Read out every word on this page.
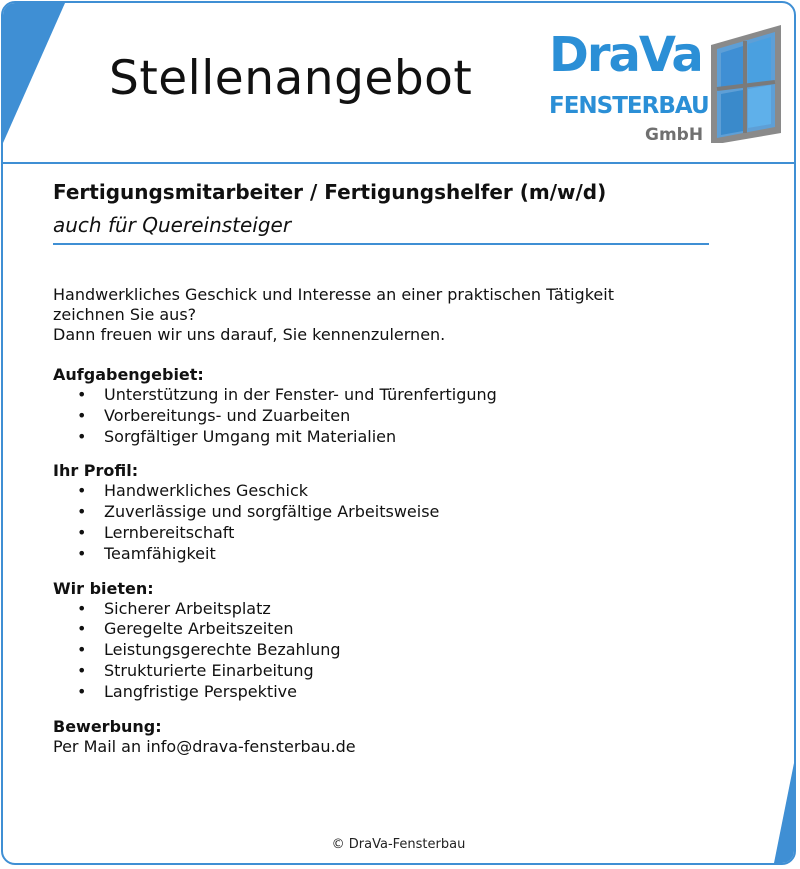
Stellenangebot DraVa
FENSTERBAU
GmbH
Fertigungsmitarbeiter / Fertigungshelfer (m/w/d)

auch für Quereinsteiger

Handwerkliches Geschick und Interesse an einer praktischen Tätigkeit

zeichnen Sie aus?

Dann freuen wir uns darauf, Sie kennenzulernen.

Aufgabengebiet:

• Unterstützung in der Fenster- und Türenfertigung
• Vorbereitungs- und Zuarbeiten
• Sorgfältiger Umgang mit Materialien

Ihr Profil:

• Handwerkliches Geschick
• Zuverlässige und sorgfältige Arbeitsweise
• Lernbereitschaft
• Teamfähigkeit

Wir bieten:

• Sicherer Arbeitsplatz
• Geregelte Arbeitszeiten
• Leistungsgerechte Bezahlung
• Strukturierte Einarbeitung
• Langfristige Perspektive

Bewerbung:

Per Mail an info@drava-fensterbau.de

© DraVa-Fensterbau
